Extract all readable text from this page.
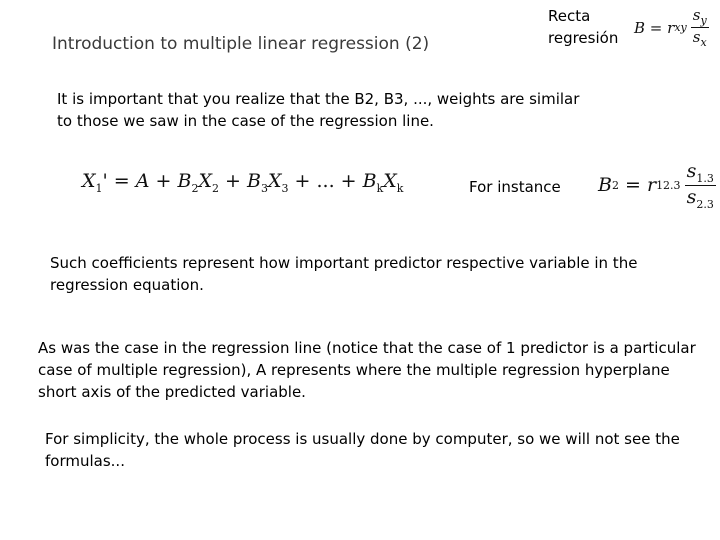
Introduction to multiple linear regression (2)
Recta
regresión
B = r xy $\frac{s_y}{s_x}$
It is important that you realize that the B2, B3, ..., weights are similar to those we saw in the case of the regression line.
$X_1' = A + B_2X_2 + B_3X_3$ + ... + $B_kX_k$	For instance B 2 = r $12.3 \frac{s_{1.3}}{s_{2.3}}$
Such coefficients represent how important predictor respective variable in the regression equation.
As was the case in the regression line (notice that the case of 1 predictor is a particular case of multiple regression), A represents where the multiple regression hyperplane short axis of the predicted variable.
For simplicity, the whole process is usually done by computer, so we will not see the formulas...
